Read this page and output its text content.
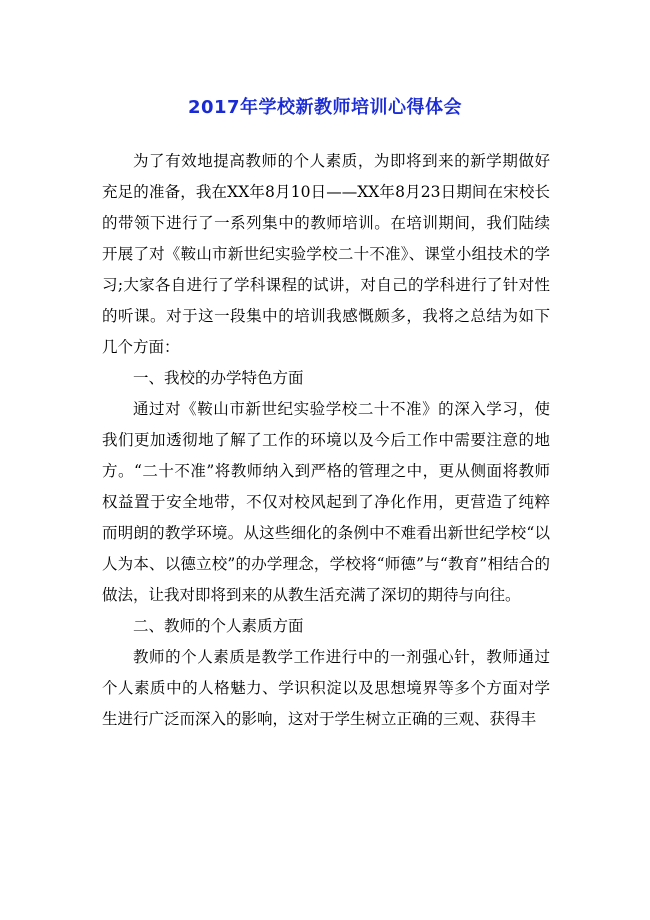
2017年学校新教师培训心得体会

为了有效地提高教师的个人素质，为即将到来的新学期做好充足的准备，我在XX年8月10日——XX年8月23日期间在宋校长的带领下进行了一系列集中的教师培训。在培训期间，我们陆续开展了对《鞍山市新世纪实验学校二十不准》、课堂小组技术的学习;大家各自进行了学科课程的试讲，对自己的学科进行了针对性的听课。对于这一段集中的培训我感慨颇多，我将之总结为如下几个方面：

一、我校的办学特色方面

通过对《鞍山市新世纪实验学校二十不准》的深入学习，使我们更加透彻地了解了工作的环境以及今后工作中需要注意的地方。“二十不准”将教师纳入到严格的管理之中，更从侧面将教师权益置于安全地带，不仅对校风起到了净化作用，更营造了纯粹而明朗的教学环境。从这些细化的条例中不难看出新世纪学校“以人为本、以德立校”的办学理念，学校将“师德”与“教育”相结合的做法，让我对即将到来的从教生活充满了深切的期待与向往。

二、教师的个人素质方面

教师的个人素质是教学工作进行中的一剂强心针，教师通过个人素质中的人格魅力、学识积淀以及思想境界等多个方面对学生进行广泛而深入的影响，这对于学生树立正确的三观、获得丰
